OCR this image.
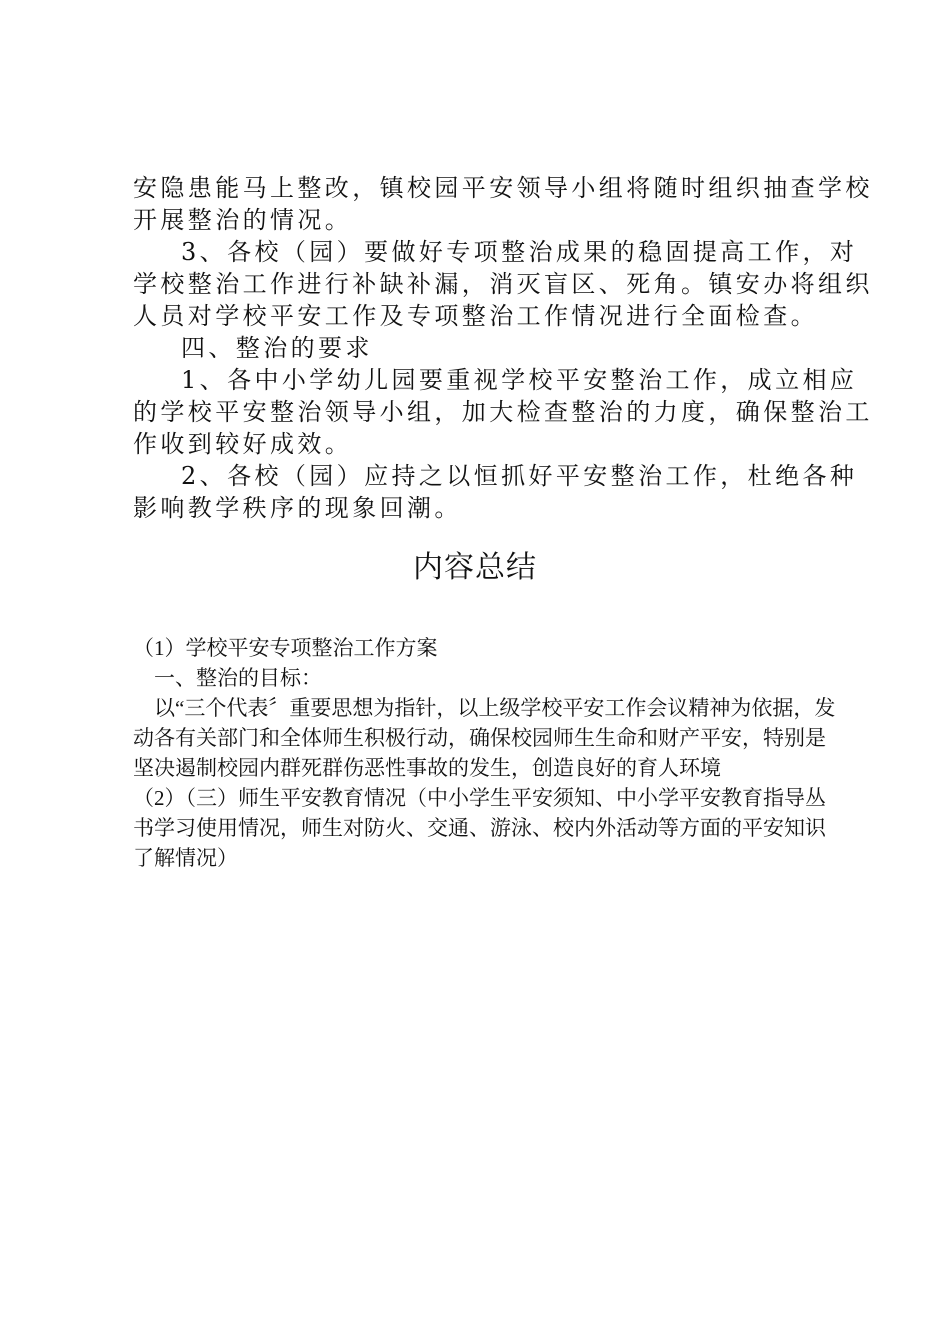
安隐患能马上整改，镇校园平安领导小组将随时组织抽查学校

开展整治的情况。

3、各校（园）要做好专项整治成果的稳固提高工作，对

学校整治工作进行补缺补漏，消灭盲区、死角。镇安办将组织

人员对学校平安工作及专项整治工作情况进行全面检查。

四、整治的要求

1、各中小学幼儿园要重视学校平安整治工作，成立相应

的学校平安整治领导小组，加大检查整治的力度，确保整治工

作收到较好成效。

2、各校（园）应持之以恒抓好平安整治工作，杜绝各种

影响教学秩序的现象回潮。

内容总结

（1）学校平安专项整治工作方案

一、整治的目标：

以“三个代表〞重要思想为指针，以上级学校平安工作会议精神为依据，发

动各有关部门和全体师生积极行动，确保校园师生生命和财产平安，特别是

坚决遏制校园内群死群伤恶性事故的发生，创造良好的育人环境

（2）（三）师生平安教育情况（中小学生平安须知、中小学平安教育指导丛

书学习使用情况，师生对防火、交通、游泳、校内外活动等方面的平安知识

了解情况）
